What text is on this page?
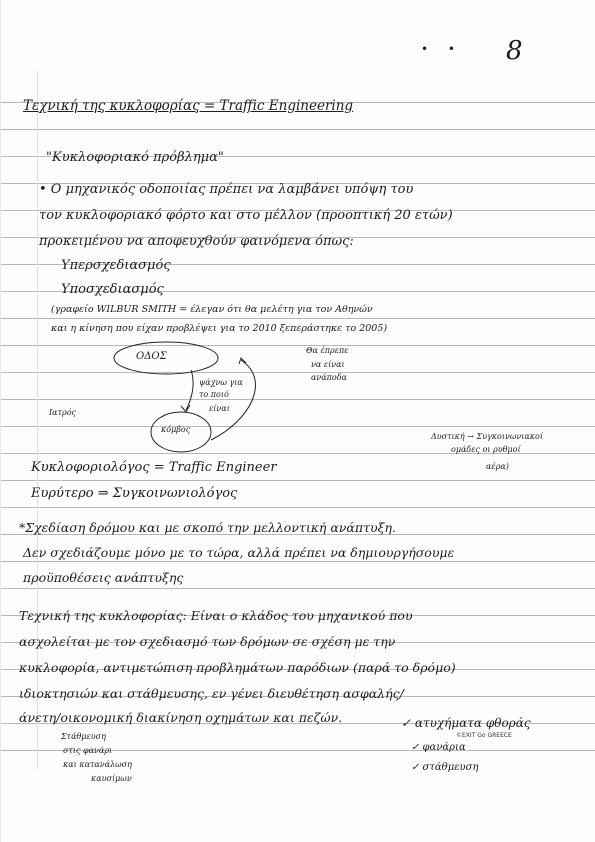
• • 8
Τεχνική της κυκλοφορίας = Traffic Engineering
"Κυκλοφοριακό πρόβλημα"
• Ο μηχανικός οδοποιίας πρέπει να λαμβάνει υπόψη του
τον κυκλοφοριακό φόρτο και στο μέλλον (προοπτική 20 ετών)
προκειμένου να αποφευχθούν φαινόμενα όπως:
Υπερσχεδιασμός
Υποσχεδιασμός
(γραφείο WILBUR SMITH = έλεγαν ότι θα μελέτη για τον Αθηνών
και η κίνηση που είχαν προβλέψει για το 2010 ξεπεράστηκε το 2005)
ΟΔΟΣ
κόμβος
Ιατρός
ψάχνω για
το ποιό
είναι
Θα έπρεπε
να είναι
ανάποδα
Δυστική → Συγκοινωνιακοί
ομάδες οι ρυθμοί
αέρα)
Κυκλοφοριολόγος = Traffic Engineer
Ευρύτερο ⇒ Συγκοινωνιολόγος
*Σχεδίαση δρόμου και με σκοπό την μελλοντική ανάπτυξη.
Δεν σχεδιάζουμε μόνο με το τώρα, αλλά πρέπει να δημιουργήσουμε
προϋποθέσεις ανάπτυξης
Τεχνική της κυκλοφορίας: Είναι ο κλάδος του μηχανικού που
ασχολείται με τον σχεδιασμό των δρόμων σε σχέση με την
κυκλοφορία, αντιμετώπιση προβλημάτων παρόδιων (παρά το δρόμο)
ιδιοκτησιών και στάθμευσης, εν γένει διευθέτηση ασφαλής/
άνετη/οικονομική διακίνηση οχημάτων και πεζών.
Στάθμευση
στις φανάρι
και κατανάλωση
καυσίμων
✓ ατυχήματα φθοράς
✓ φανάρια
✓ στάθμευση
©EXIT Go GREECE
